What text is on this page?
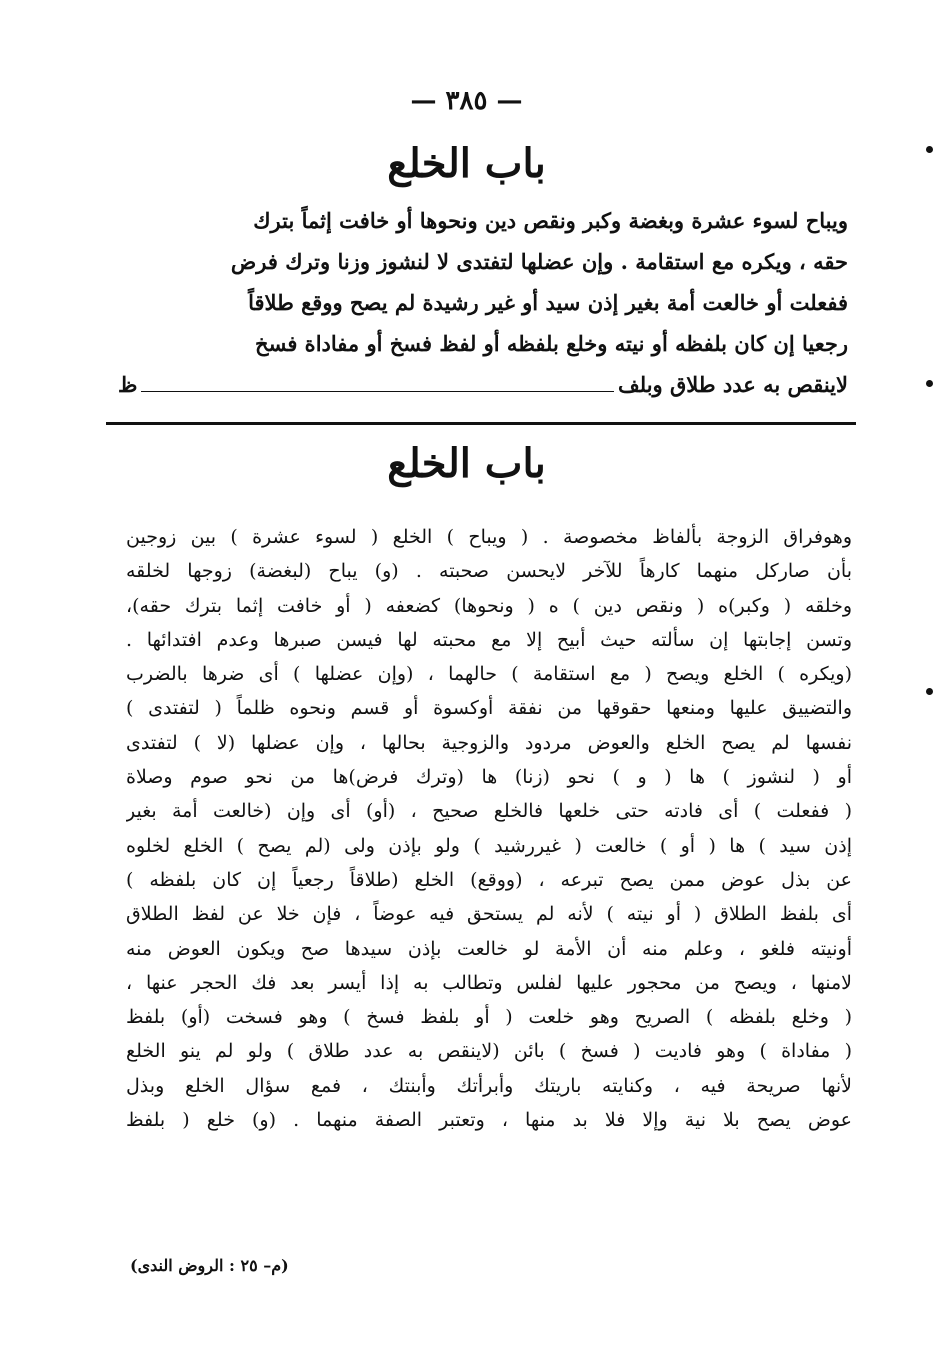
— ٣٨٥ —
باب الخلع
ويباح لسوء عشرة وبغضة وكبر ونقص دين ونحوها أو خافت إثماً بترك
حقه ، ويكره مع استقامة . وإن عضلها لتفتدى لا لنشوز وزنا وترك فرض
ففعلت أو خالعت أمة بغير إذن سيد أو غير رشيدة لم يصح ووقع طلاقاً
رجعيا إن كان بلفظه أو نيته وخلع بلفظه أو لفظ فسخ أو مفاداة فسخ
لاينقص به عدد طلاق وبلف
ظ
باب الخلع
وهوفراق الزوجة بألفاظ مخصوصة . ( ويباح ) الخلع ( لسوء عشرة ) بين زوجين
بأن صاركل منهما كارهاً للآخر لايحسن صحبته . (و) يباح (لبغضة) زوجها لخلقه
وخلقه ( وكبر)ه ( ونقص دين ) ه ( ونحوها) كضعفه ( أو خافت إثما بترك حقه)،
وتسن إجابتها إن سألته حيث أبيح إلا مع محبته لها فيسن صبرها وعدم افتدائها .
(ويكره ) الخلع ويصح ( مع استقامة ) حالهما ، (وإن عضلها ) أى ضرها بالضرب
والتضييق عليها ومنعها حقوقها من نفقة أوكسوة أو قسم ونحوه ظلماً ( لتفتدى )
نفسها لم يصح الخلع والعوض مردود والزوجية بحالها ، وإن عضلها (لا ) لتفتدى
أو ( لنشوز ) ها ( و ) نحو (زنا) ها (وترك فرض)ها من نحو صوم وصلاة
( ففعلت ) أى فادته حتى خلعها فالخلع صحيح ، (أو) أى وإن (خالعت أمة بغير
إذن سيد ) ها ( أو ) خالعت ( غيررشيد ) ولو بإذن ولى (لم يصح ) الخلع لخلوه
عن بذل عوض ممن يصح تبرعه ، (ووقع) الخلع (طلاقاً رجعياً إن كان بلفظه )
أى بلفظ الطلاق ( أو نيته ) لأنه لم يستحق فيه عوضاً ، فإن خلا عن لفظ الطلاق
أونيته فلغو ، وعلم منه أن الأمة لو خالعت بإذن سيدها صح ويكون العوض منه
لامنها ، ويصح من محجور عليها لفلس وتطالب به إذا أيسر بعد فك الحجر عنها ،
( وخلع بلفظه ) الصريح وهو خلعت ( أو بلفظ فسخ ) وهو فسخت (أو) بلفظ
( مفاداة ) وهو فاديت ( فسخ ) بائن (لاينقص به عدد طلاق ) ولو لم ينو الخلع
لأنها صريحة فيه ، وكنايته باريتك وأبرأتك وأبنتك ، فمع سؤال الخلع وبذل
عوض يصح بلا نية وإلا فلا بد منها ، وتعتبر الصفة منهما . (و) خلع ( بلفظ
(م– ٢٥ : الروض الندى)
